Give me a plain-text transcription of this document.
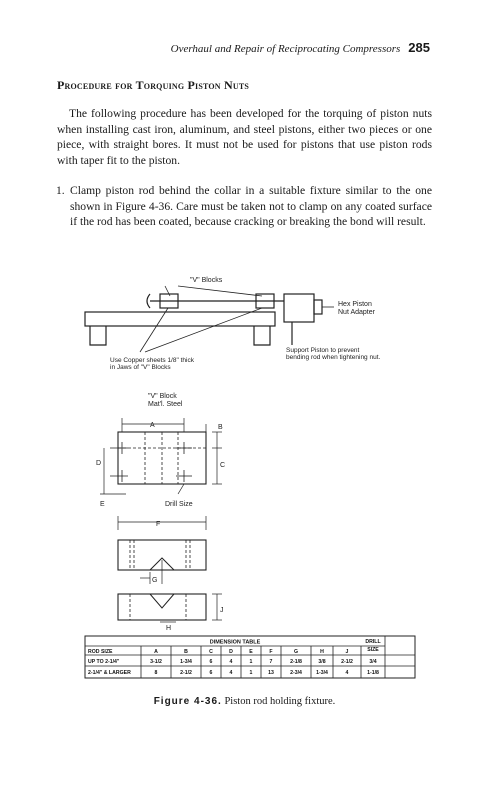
Overhaul and Repair of Reciprocating Compressors 285
Procedure for Torquing Piston Nuts

The following procedure has been developed for the torquing of piston nuts when installing cast iron, aluminum, and steel pistons, either two pieces or one piece, with straight bores. It must not be used for pistons that use piston rods with taper fit to the piston.

1. Clamp piston rod behind the collar in a suitable fixture similar to the one shown in Figure 4-36. Care must be taken not to clamp on any coated surface if the rod has been coated, because cracking or breaking the bond will result.

"V" Blocks
Hex Piston
Nut Adapter
Support Piston to prevent
bending rod when tightening nut.
Use Copper sheets 1/8" thick
in Jaws of "V" Blocks
"V" Block
Mat'l. Steel
A	B
C
D
E	Drill Size
F
G
H
J
DIMENSION TABLE
ROD SIZE	A	B	C	D	E	F	G	H	J
DRILL
SIZE
UP TO 2-1/4"	3-1/2	1-3/4	6	4	1	7	2-1/8	3/8	2-1/2	3/4
2-1/4" & LARGER	8	2-1/2	6	4	1	13	2-3/4	1-3/4	4	1-1/8
Figure 4-36. Piston rod holding fixture.
